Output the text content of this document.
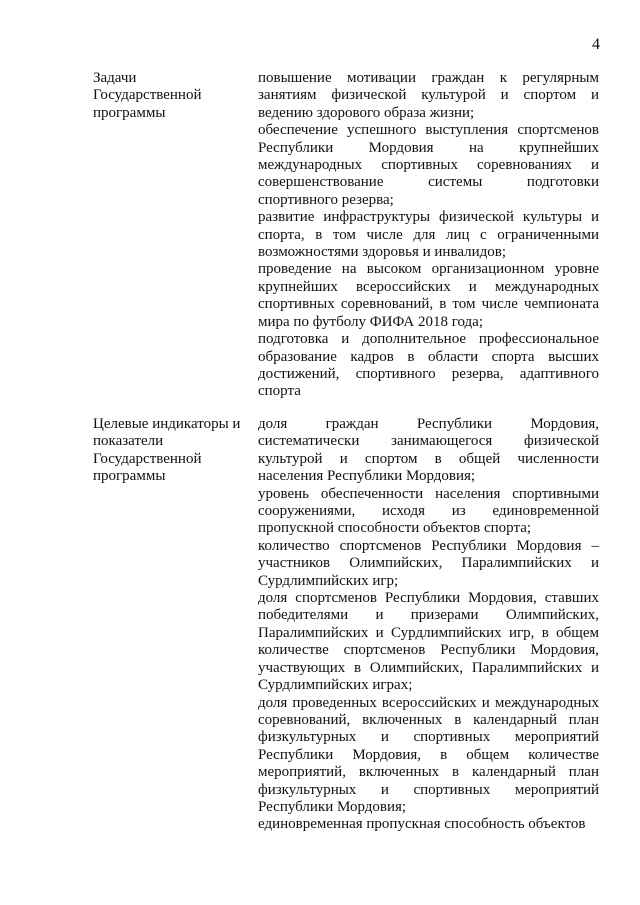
4
Задачи
Государственной
программы

повышение мотивации граждан к регулярным занятиям физической культурой и спортом и ведению здорового образа жизни;

обеспечение успешного выступления спортсменов Республики Мордовия на крупнейших международных спортивных соревнованиях и совершенствование системы подготовки спортивного резерва;

развитие инфраструктуры физической культуры и спорта, в том числе для лиц с ограниченными возможностями здоровья и инвалидов;

проведение на высоком организационном уровне крупнейших всероссийских и международных спортивных соревнований, в том числе чемпионата мира по футболу ФИФА 2018 года;

подготовка и дополнительное профессиональное образование кадров в области спорта высших достижений, спортивного резерва, адаптивного спорта

Целевые индикаторы и
показатели
Государственной
программы

доля граждан Республики Мордовия, систематически занимающегося физической культурой и спортом в общей численности населения Республики Мордовия;

уровень обеспеченности населения спортивными сооружениями, исходя из единовременной пропускной способности объектов спорта;

количество спортсменов Республики Мордовия – участников Олимпийских, Паралимпийских и Сурдлимпийских игр;

доля спортсменов Республики Мордовия, ставших победителями и призерами Олимпийских, Паралимпийских и Сурдлимпийских игр, в общем количестве спортсменов Республики Мордовия, участвующих в Олимпийских, Паралимпийских и Сурдлимпийских играх;

доля проведенных всероссийских и международных соревнований, включенных в календарный план физкультурных и спортивных мероприятий Республики Мордовия, в общем количестве мероприятий, включенных в календарный план физкультурных и спортивных мероприятий Республики Мордовия;

единовременная пропускная способность объектов
